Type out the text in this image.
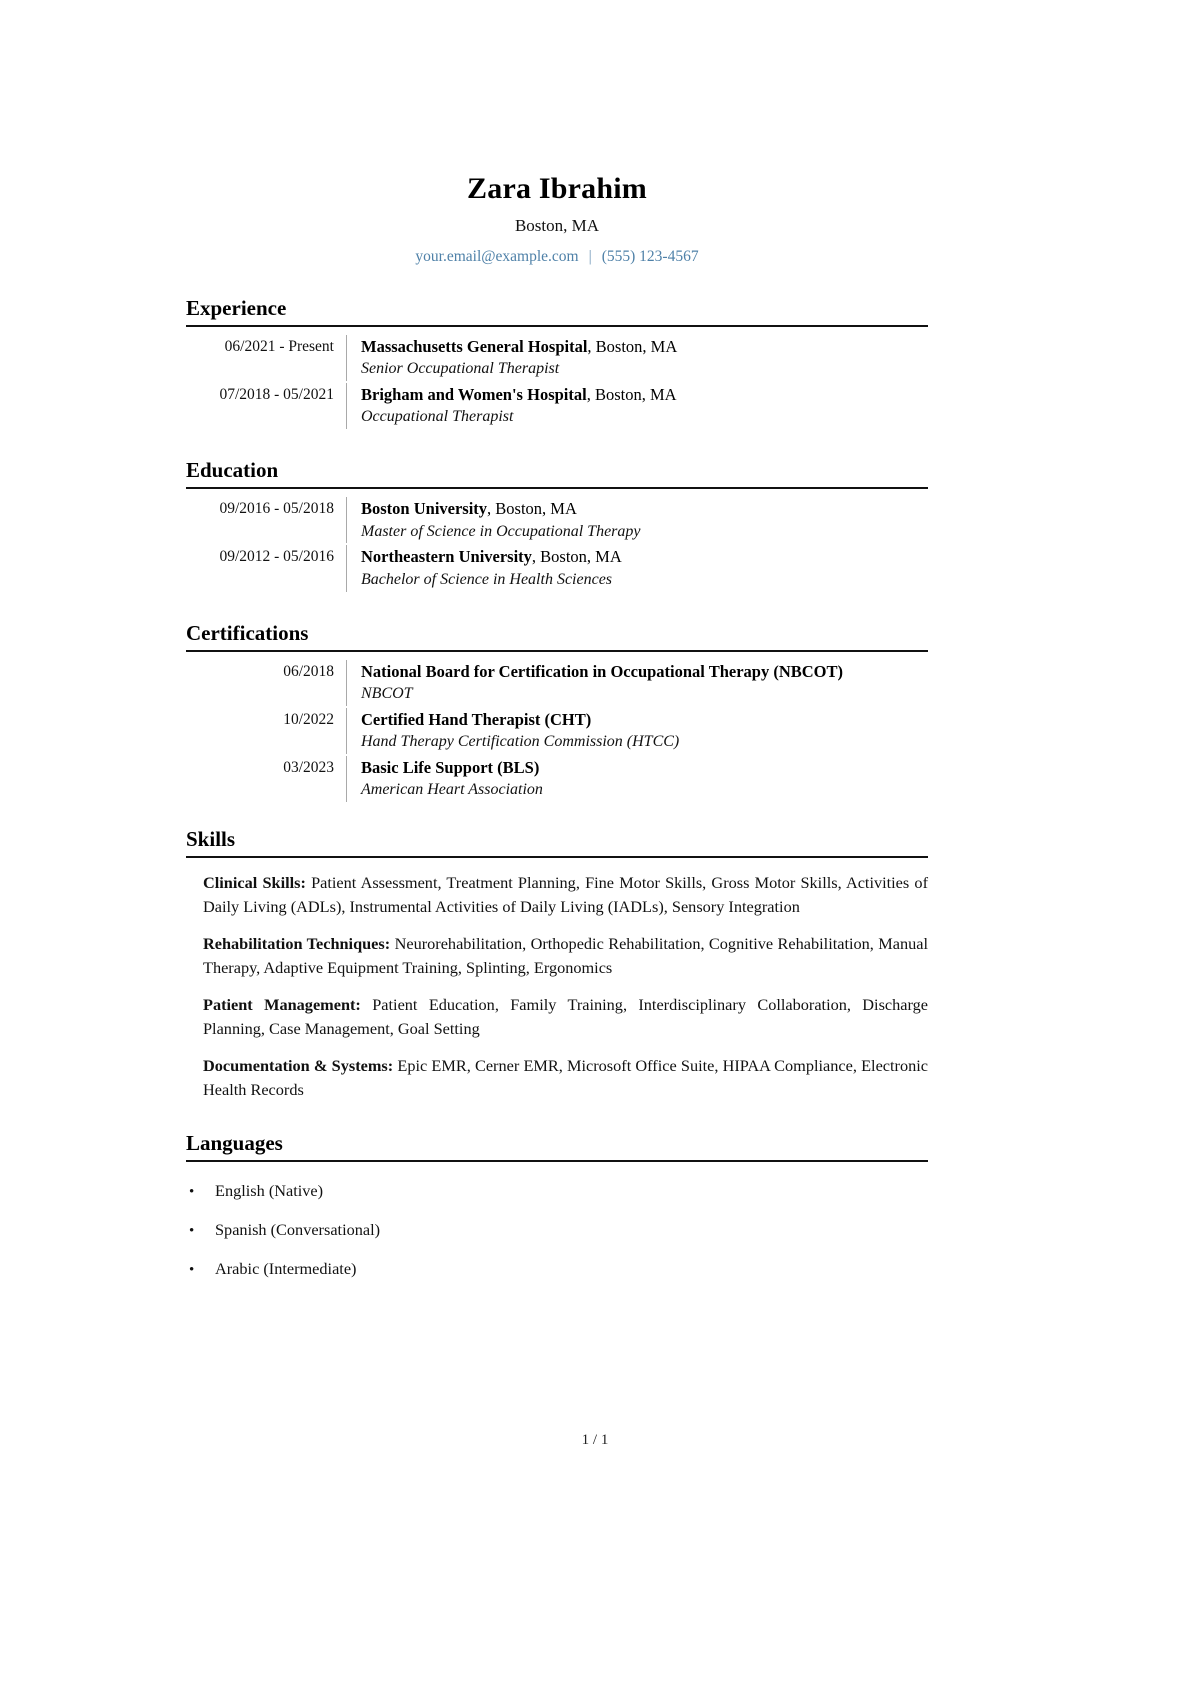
Zara Ibrahim
Boston, MA
your.email@example.com | (555) 123-4567
Experience
06/2021 - Present	Massachusetts General Hospital, Boston, MA
Senior Occupational Therapist
07/2018 - 05/2021	Brigham and Women's Hospital, Boston, MA
Occupational Therapist
Education
09/2016 - 05/2018	Boston University, Boston, MA
Master of Science in Occupational Therapy
09/2012 - 05/2016	Northeastern University, Boston, MA
Bachelor of Science in Health Sciences
Certifications
06/2018	National Board for Certification in Occupational Therapy (NBCOT)
NBCOT
10/2022	Certified Hand Therapist (CHT)
Hand Therapy Certification Commission (HTCC)
03/2023	Basic Life Support (BLS)
American Heart Association
Skills
Clinical Skills: Patient Assessment, Treatment Planning, Fine Motor Skills, Gross Motor Skills, Activities of Daily Living (ADLs), Instrumental Activities of Daily Living (IADLs), Sensory Integration
Rehabilitation Techniques: Neurorehabilitation, Orthopedic Rehabilitation, Cognitive Rehabilitation, Manual Therapy, Adaptive Equipment Training, Splinting, Ergonomics
Patient Management: Patient Education, Family Training, Interdisciplinary Collaboration, Discharge Planning, Case Management, Goal Setting
Documentation & Systems: Epic EMR, Cerner EMR, Microsoft Office Suite, HIPAA Compliance, Electronic Health Records
Languages
•	English (Native)
•	Spanish (Conversational)
•	Arabic (Intermediate)
1 / 1
